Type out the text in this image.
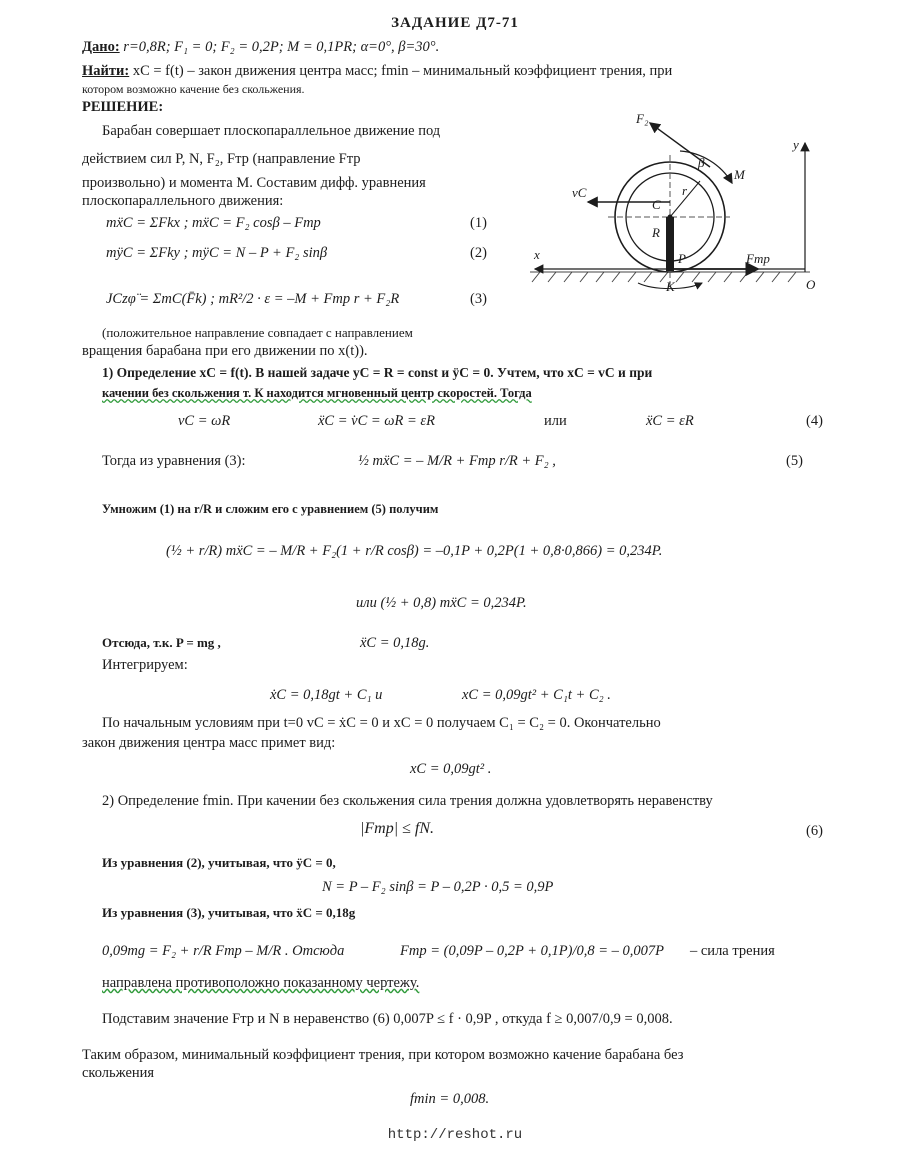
ЗАДАНИЕ Д7-71
Дано: r=0,8R; F₁ = 0; F₂ = 0,2P; M = 0,1PR; α=0°, β=30°.
Найти: xC = f(t) – закон движения центра масс; fmin – минимальный коэффициент трения, при
котором возможно качение без скольжения.
РЕШЕНИЕ:
Барабан совершает плоскопараллельное движение под
действием сил P, N, F₂, Fтр (направление Fтр
произвольно) и момента M. Составим дифф. уравнения
плоскопараллельного движения:
mẍC = ΣFkx ; mẍC = F₂ cosβ – Fтр	(1)
mÿC = ΣFky ; mÿC = N – P + F₂ sinβ	(2)
JCzφ̈ = ΣmC(F̄k) ; mR²/2 · ε = –M + Fтр r + F₂R	(3)
(положительное направление совпадает с направлением
вращения барабана при его движении по x(t)).
F₂
M
vC
C
R
r
β
P
x
y
O
K
Fтр
1) Определение xC = f(t). В нашей задаче yC = R = const и ÿC = 0. Учтем, что xC = vC и при
качении без скольжения т. К находится мгновенный центр скоростей. Тогда
vC = ωR	ẍC = v̇C = ω̇R = εR	или	ẍC = εR	(4)
Тогда из уравнения (3):	½ mẍC = – M/R + Fтр r/R + F₂ ,	(5)
Умножим (1) на r/R и сложим его с уравнением (5) получим
(½ + r/R) mẍC = – M/R + F₂(1 + r/R cosβ) = –0,1P + 0,2P(1 + 0,8·0,866) = 0,234P.
или (½ + 0,8) mẍC = 0,234P.
Отсюда, т.к. P = mg ,	ẍC = 0,18g.
Интегрируем:
ẋC = 0,18gt + C₁ и	xC = 0,09gt² + C₁t + C₂ .
По начальным условиям при t=0 vC = ẋC = 0 и xC = 0 получаем C₁ = C₂ = 0. Окончательно
закон движения центра масс примет вид:
xC = 0,09gt² .
2) Определение fmin. При качении без скольжения сила трения должна удовлетворять неравенству
|Fтр| ≤ fN.	(6)
Из уравнения (2), учитывая, что ÿC = 0,
N = P – F₂ sinβ = P – 0,2P · 0,5 = 0,9P
Из уравнения (3), учитывая, что ẍC = 0,18g
0,09mg = F₂ + r/R Fтр – M/R . Отсюда	Fтр = (0,09P – 0,2P + 0,1P)/0,8 = – 0,007P – сила трения
направлена противоположно показанному чертежу.
Подставим значение Fтр и N в неравенство (6) 0,007P ≤ f · 0,9P , откуда f ≥ 0,007/0,9 = 0,008.
Таким образом, минимальный коэффициент трения, при котором возможно качение барабана без
скольжения
fmin = 0,008.
http://reshot.ru
